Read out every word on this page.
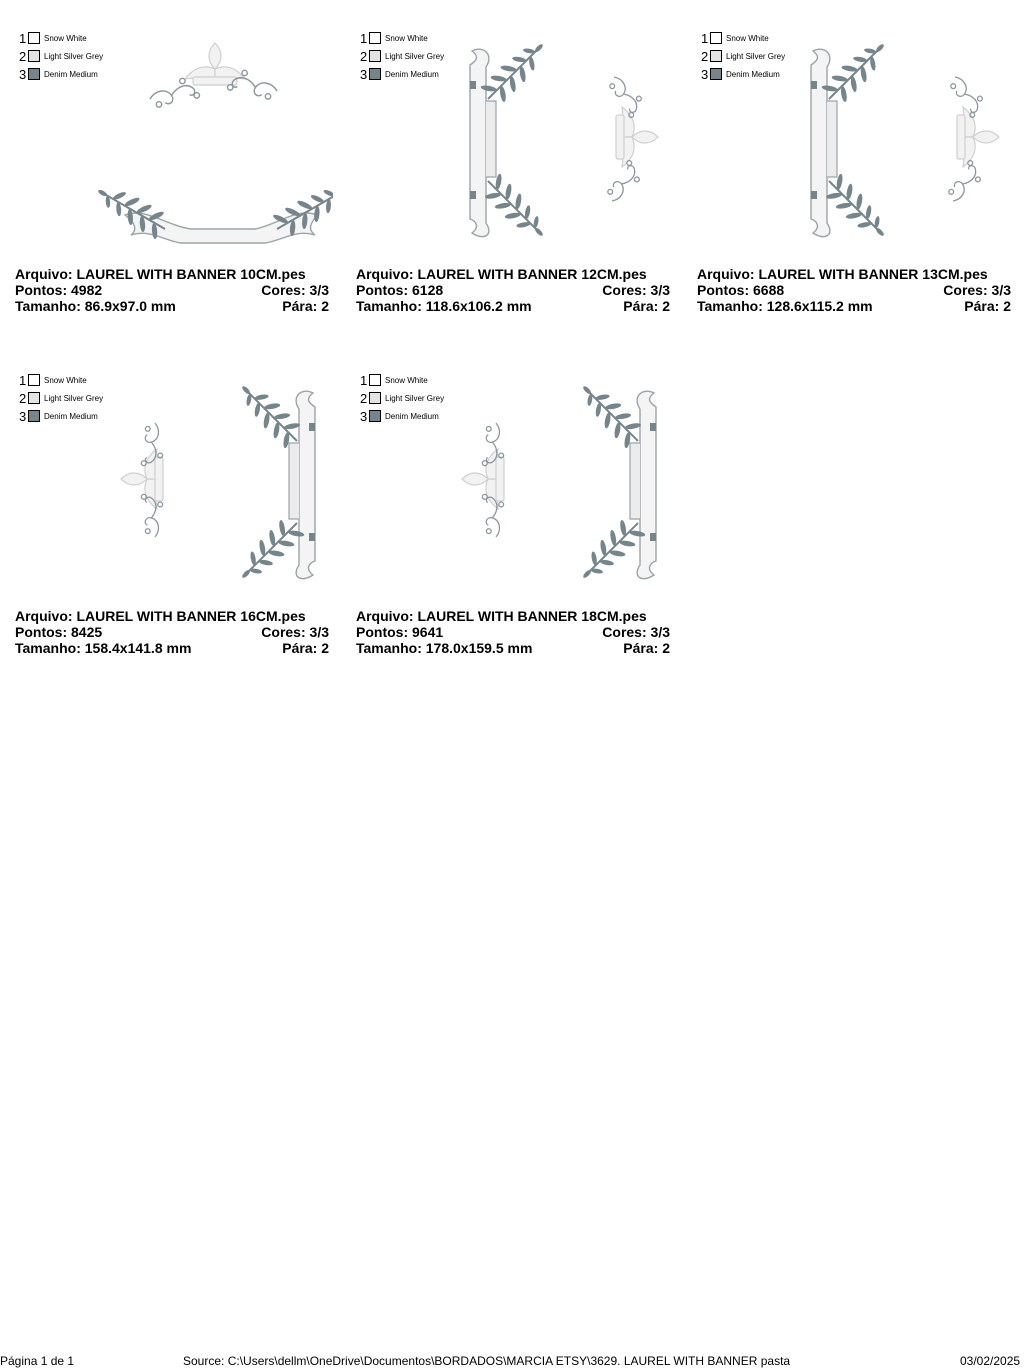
1 Snow White
2 Light Silver Grey
3 Denim Medium
Arquivo: LAUREL WITH BANNER 10CM.pes
Pontos: 4982	Cores: 3/3
Tamanho: 86.9x97.0 mm	Pára: 2
1 Snow White
2 Light Silver Grey
3 Denim Medium
Arquivo: LAUREL WITH BANNER 12CM.pes
Pontos: 6128	Cores: 3/3
Tamanho: 118.6x106.2 mm	Pára: 2
1 Snow White
2 Light Silver Grey
3 Denim Medium
Arquivo: LAUREL WITH BANNER 13CM.pes
Pontos: 6688	Cores: 3/3
Tamanho: 128.6x115.2 mm	Pára: 2
1 Snow White
2 Light Silver Grey
3 Denim Medium
Arquivo: LAUREL WITH BANNER 16CM.pes
Pontos: 8425	Cores: 3/3
Tamanho: 158.4x141.8 mm	Pára: 2
1 Snow White
2 Light Silver Grey
3 Denim Medium
Arquivo: LAUREL WITH BANNER 18CM.pes
Pontos: 9641	Cores: 3/3
Tamanho: 178.0x159.5 mm	Pára: 2
Página 1 de 1	Source: C:\Users\dellm\OneDrive\Documentos\BORDADOS\MARCIA ETSY\3629. LAUREL WITH BANNER pasta	03/02/2025
